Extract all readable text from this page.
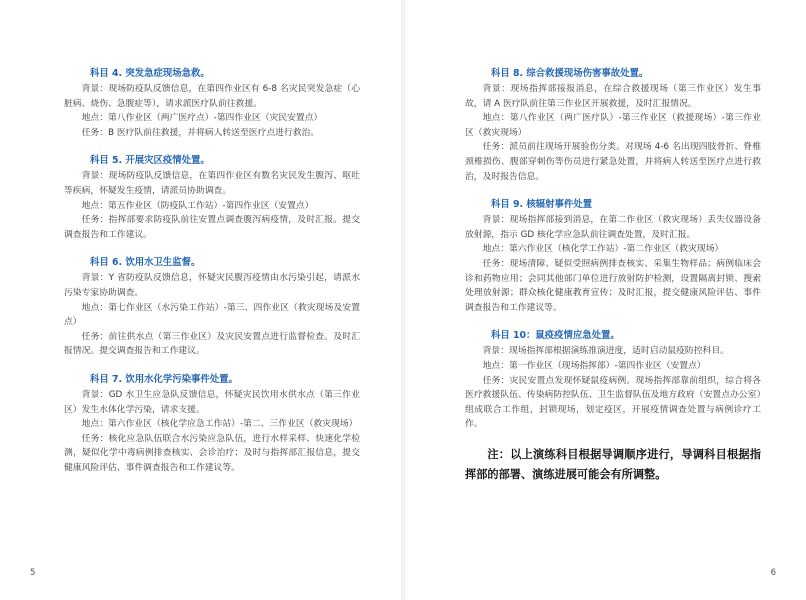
科目 4. 突发急症现场急救。

背景：现场防疫队反馈信息，在第四作业区有 6-8 名灾民突发急症（心脏病、烧伤、急腹症等），请求派医疗队前往救援。

地点：第八作业区（两广医疗点）-第四作业区（灾民安置点）

任务：B 医疗队前往救援，并将病人转送至医疗点进行救治。

科目 5. 开展灾区疫情处置。

背景：现场防疫队反馈信息，在第四作业区有数名灾民发生腹泻、呕吐等疾病，怀疑发生疫情，请派员协助调查。

地点：第五作业区（防疫队工作站）-第四作业区（安置点）

任务：指挥部要求防疫队前往安置点调查腹泻病疫情，及时汇报。提交调查报告和工作建议。

科目 6. 饮用水卫生监督。

背景：Y 省防疫队反馈信息，怀疑灾民腹泻疫情由水污染引起，请派水污染专家协助调查。

地点：第七作业区（水污染工作站）-第三、四作业区（救灾现场及安置点）

任务：前往供水点（第三作业区）及灾民安置点进行监督检查。及时汇报情况。提交调查报告和工作建议。

科目 7. 饮用水化学污染事件处置。

背景：GD 水卫生应急队反馈信息，怀疑灾民饮用水供水点（第三作业区）发生水体化学污染，请求支援。

地点：第六作业区（核化学应急工作站）-第二、三作业区（救灾现场）

任务：核化应急队伍联合水污染应急队伍，进行水样采样、快速化学检测，疑似化学中毒病例排查核实、会诊治疗；及时与指挥部汇报信息，提交健康风险评估、事件调查报告和工作建议等。

5
科目 8. 综合救援现场伤害事故处置。

背景：现场指挥部接报消息，在综合救援现场（第三作业区）发生事故，请 A 医疗队前往第三作业区开展救援，及时汇报情况。

地点：第八作业区（两广医疗队）-第三作业区（救援现场）-第三作业区（救灾现场）

任务：派员前往现场开展验伤分类。对现场 4-6 名出现四肢骨折、脊椎颈椎损伤、腹部穿刺伤等伤员进行紧急处置，并将病人转送至医疗点进行救治，及时报告信息。

科目 9. 核辐射事件处置

背景：现场指挥部接到消息，在第二作业区（救灾现场）丢失仪器设备放射源，指示 GD 核化学应急队前往调查处置，及时汇报。

地点：第六作业区（核化学工作站）-第二作业区（救灾现场）

任务：现场清障、疑似受照病例排查核实、采集生物样品；病例临床会诊和药物应用；会同其他部门单位进行放射防护检测，设置隔离封锁、搜索处理放射源；群众核化健康教育宣传；及时汇报，提交健康风险评估、事件调查报告和工作建议等。

科目 10：鼠疫疫情应急处置。

背景：现场指挥部根据演练推演进度，适时启动鼠疫防控科目。

地点：第一作业区（现场指挥部）-第四作业区（安置点）

任务：灾民安置点发现怀疑鼠疫病例。现场指挥部靠前组织，综合将各医疗救援队伍、传染病防控队伍、卫生监督队伍及地方政府（安置点办公室）组成联合工作组，封锁现场，划定疫区，开展疫情调查处置与病例诊疗工作。

注：以上演练科目根据导调顺序进行，导调科目根据指挥部的部署、演练进展可能会有所调整。

6
